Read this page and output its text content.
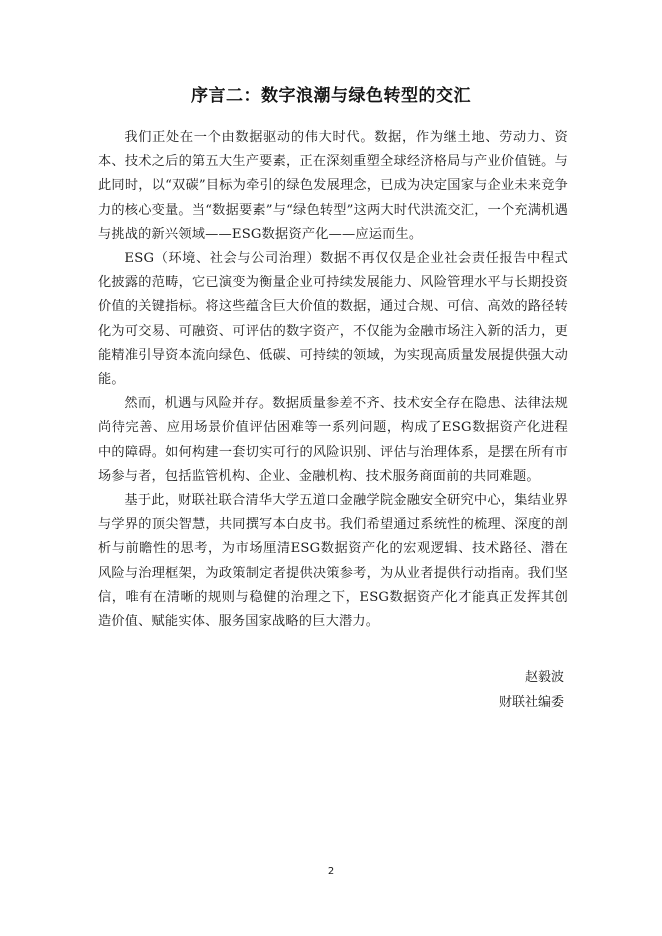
序言二：数字浪潮与绿色转型的交汇

我们正处在一个由数据驱动的伟大时代。数据，作为继土地、劳动力、资本、技术之后的第五大生产要素，正在深刻重塑全球经济格局与产业价值链。与此同时，以“双碳”目标为牵引的绿色发展理念，已成为决定国家与企业未来竞争力的核心变量。当“数据要素”与“绿色转型”这两大时代洪流交汇，一个充满机遇与挑战的新兴领域——ESG数据资产化——应运而生。

ESG（环境、社会与公司治理）数据不再仅仅是企业社会责任报告中程式化披露的范畴，它已演变为衡量企业可持续发展能力、风险管理水平与长期投资价值的关键指标。将这些蕴含巨大价值的数据，通过合规、可信、高效的路径转化为可交易、可融资、可评估的数字资产，不仅能为金融市场注入新的活力，更能精准引导资本流向绿色、低碳、可持续的领域，为实现高质量发展提供强大动能。

然而，机遇与风险并存。数据质量参差不齐、技术安全存在隐患、法律法规尚待完善、应用场景价值评估困难等一系列问题，构成了ESG数据资产化进程中的障碍。如何构建一套切实可行的风险识别、评估与治理体系，是摆在所有市场参与者，包括监管机构、企业、金融机构、技术服务商面前的共同难题。

基于此，财联社联合清华大学五道口金融学院金融安全研究中心，集结业界与学界的顶尖智慧，共同撰写本白皮书。我们希望通过系统性的梳理、深度的剖析与前瞻性的思考，为市场厘清ESG数据资产化的宏观逻辑、技术路径、潜在风险与治理框架，为政策制定者提供决策参考，为从业者提供行动指南。我们坚信，唯有在清晰的规则与稳健的治理之下，ESG数据资产化才能真正发挥其创造价值、赋能实体、服务国家战略的巨大潜力。

赵毅波
财联社编委
2
